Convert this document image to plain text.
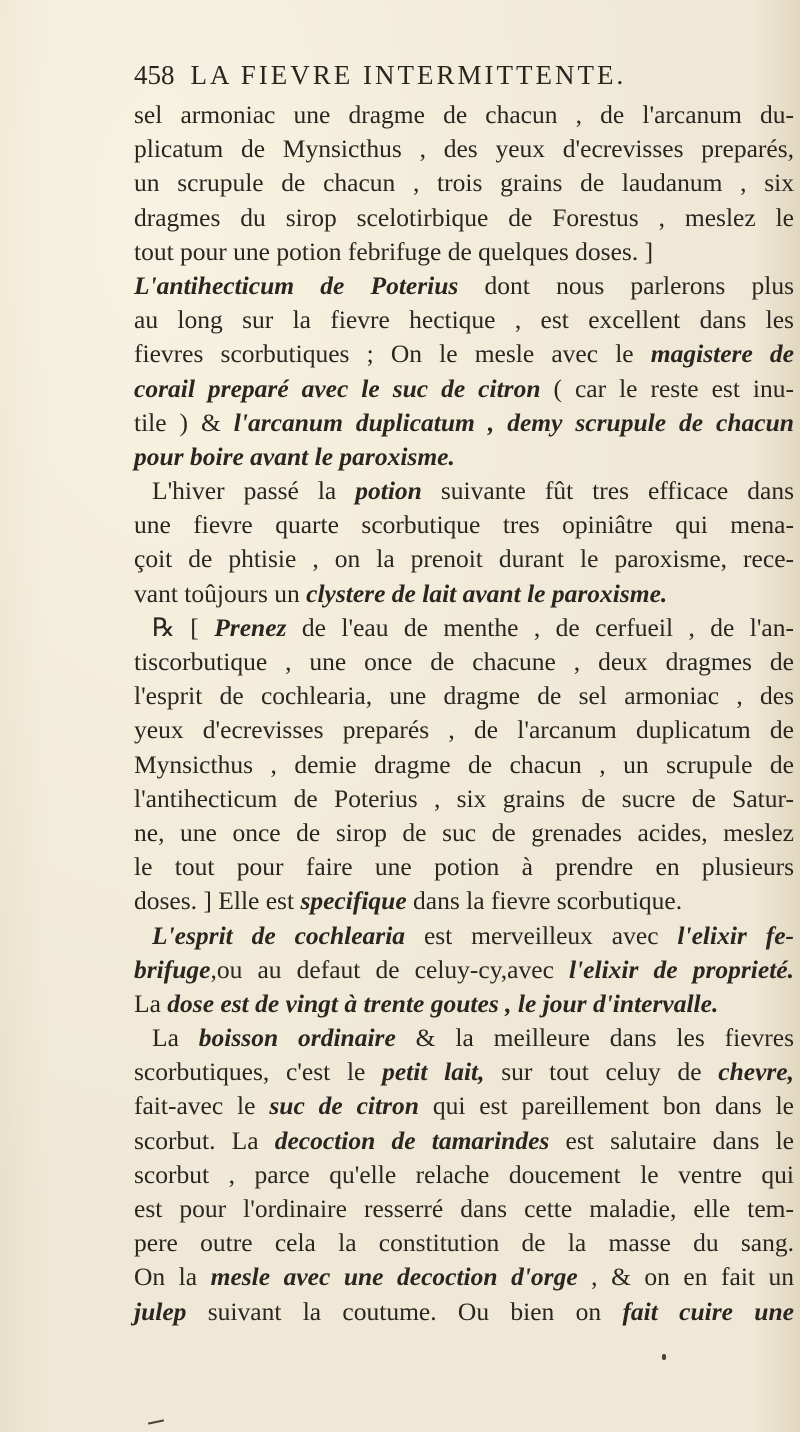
458 LA FIEVRE INTERMITTENTE.
sel armoniac une dragme de chacun , de l'arcanum du-
plicatum de Mynsicthus , des yeux d'ecrevisses preparés,
un scrupule de chacun , trois grains de laudanum , six
dragmes du sirop scelotirbique de Forestus , meslez le
tout pour une potion febrifuge de quelques doses. ]
L'antihecticum de Poterius dont nous parlerons plus
au long sur la fievre hectique , est excellent dans les
fievres scorbutiques ; On le mesle avec le magistere de
corail preparé avec le suc de citron ( car le reste est inu-
tile ) & l'arcanum duplicatum , demy scrupule de chacun
pour boire avant le paroxisme.
L'hiver passé la potion suivante fût tres efficace dans
une fievre quarte scorbutique tres opiniâtre qui mena-
çoit de phtisie , on la prenoit durant le paroxisme, rece-
vant toûjours un clystere de lait avant le paroxisme.
℞ [ Prenez de l'eau de menthe , de cerfueil , de l'an-
tiscorbutique , une once de chacune , deux dragmes de
l'esprit de cochlearia, une dragme de sel armoniac , des
yeux d'ecrevisses preparés , de l'arcanum duplicatum de
Mynsicthus , demie dragme de chacun , un scrupule de
l'antihecticum de Poterius , six grains de sucre de Satur-
ne, une once de sirop de suc de grenades acides, meslez
le tout pour faire une potion à prendre en plusieurs
doses. ] Elle est specifique dans la fievre scorbutique.
L'esprit de cochlearia est merveilleux avec l'elixir fe-
brifuge,ou au defaut de celuy-cy,avec l'elixir de proprieté.
La dose est de vingt à trente goutes , le jour d'intervalle.
La boisson ordinaire & la meilleure dans les fievres
scorbutiques, c'est le petit lait, sur tout celuy de chevre,
fait-avec le suc de citron qui est pareillement bon dans le
scorbut. La decoction de tamarindes est salutaire dans le
scorbut , parce qu'elle relache doucement le ventre qui
est pour l'ordinaire resserré dans cette maladie, elle tem-
pere outre cela la constitution de la masse du sang.
On la mesle avec une decoction d'orge , & on en fait un
julep suivant la coutume. Ou bien on fait cuire une
